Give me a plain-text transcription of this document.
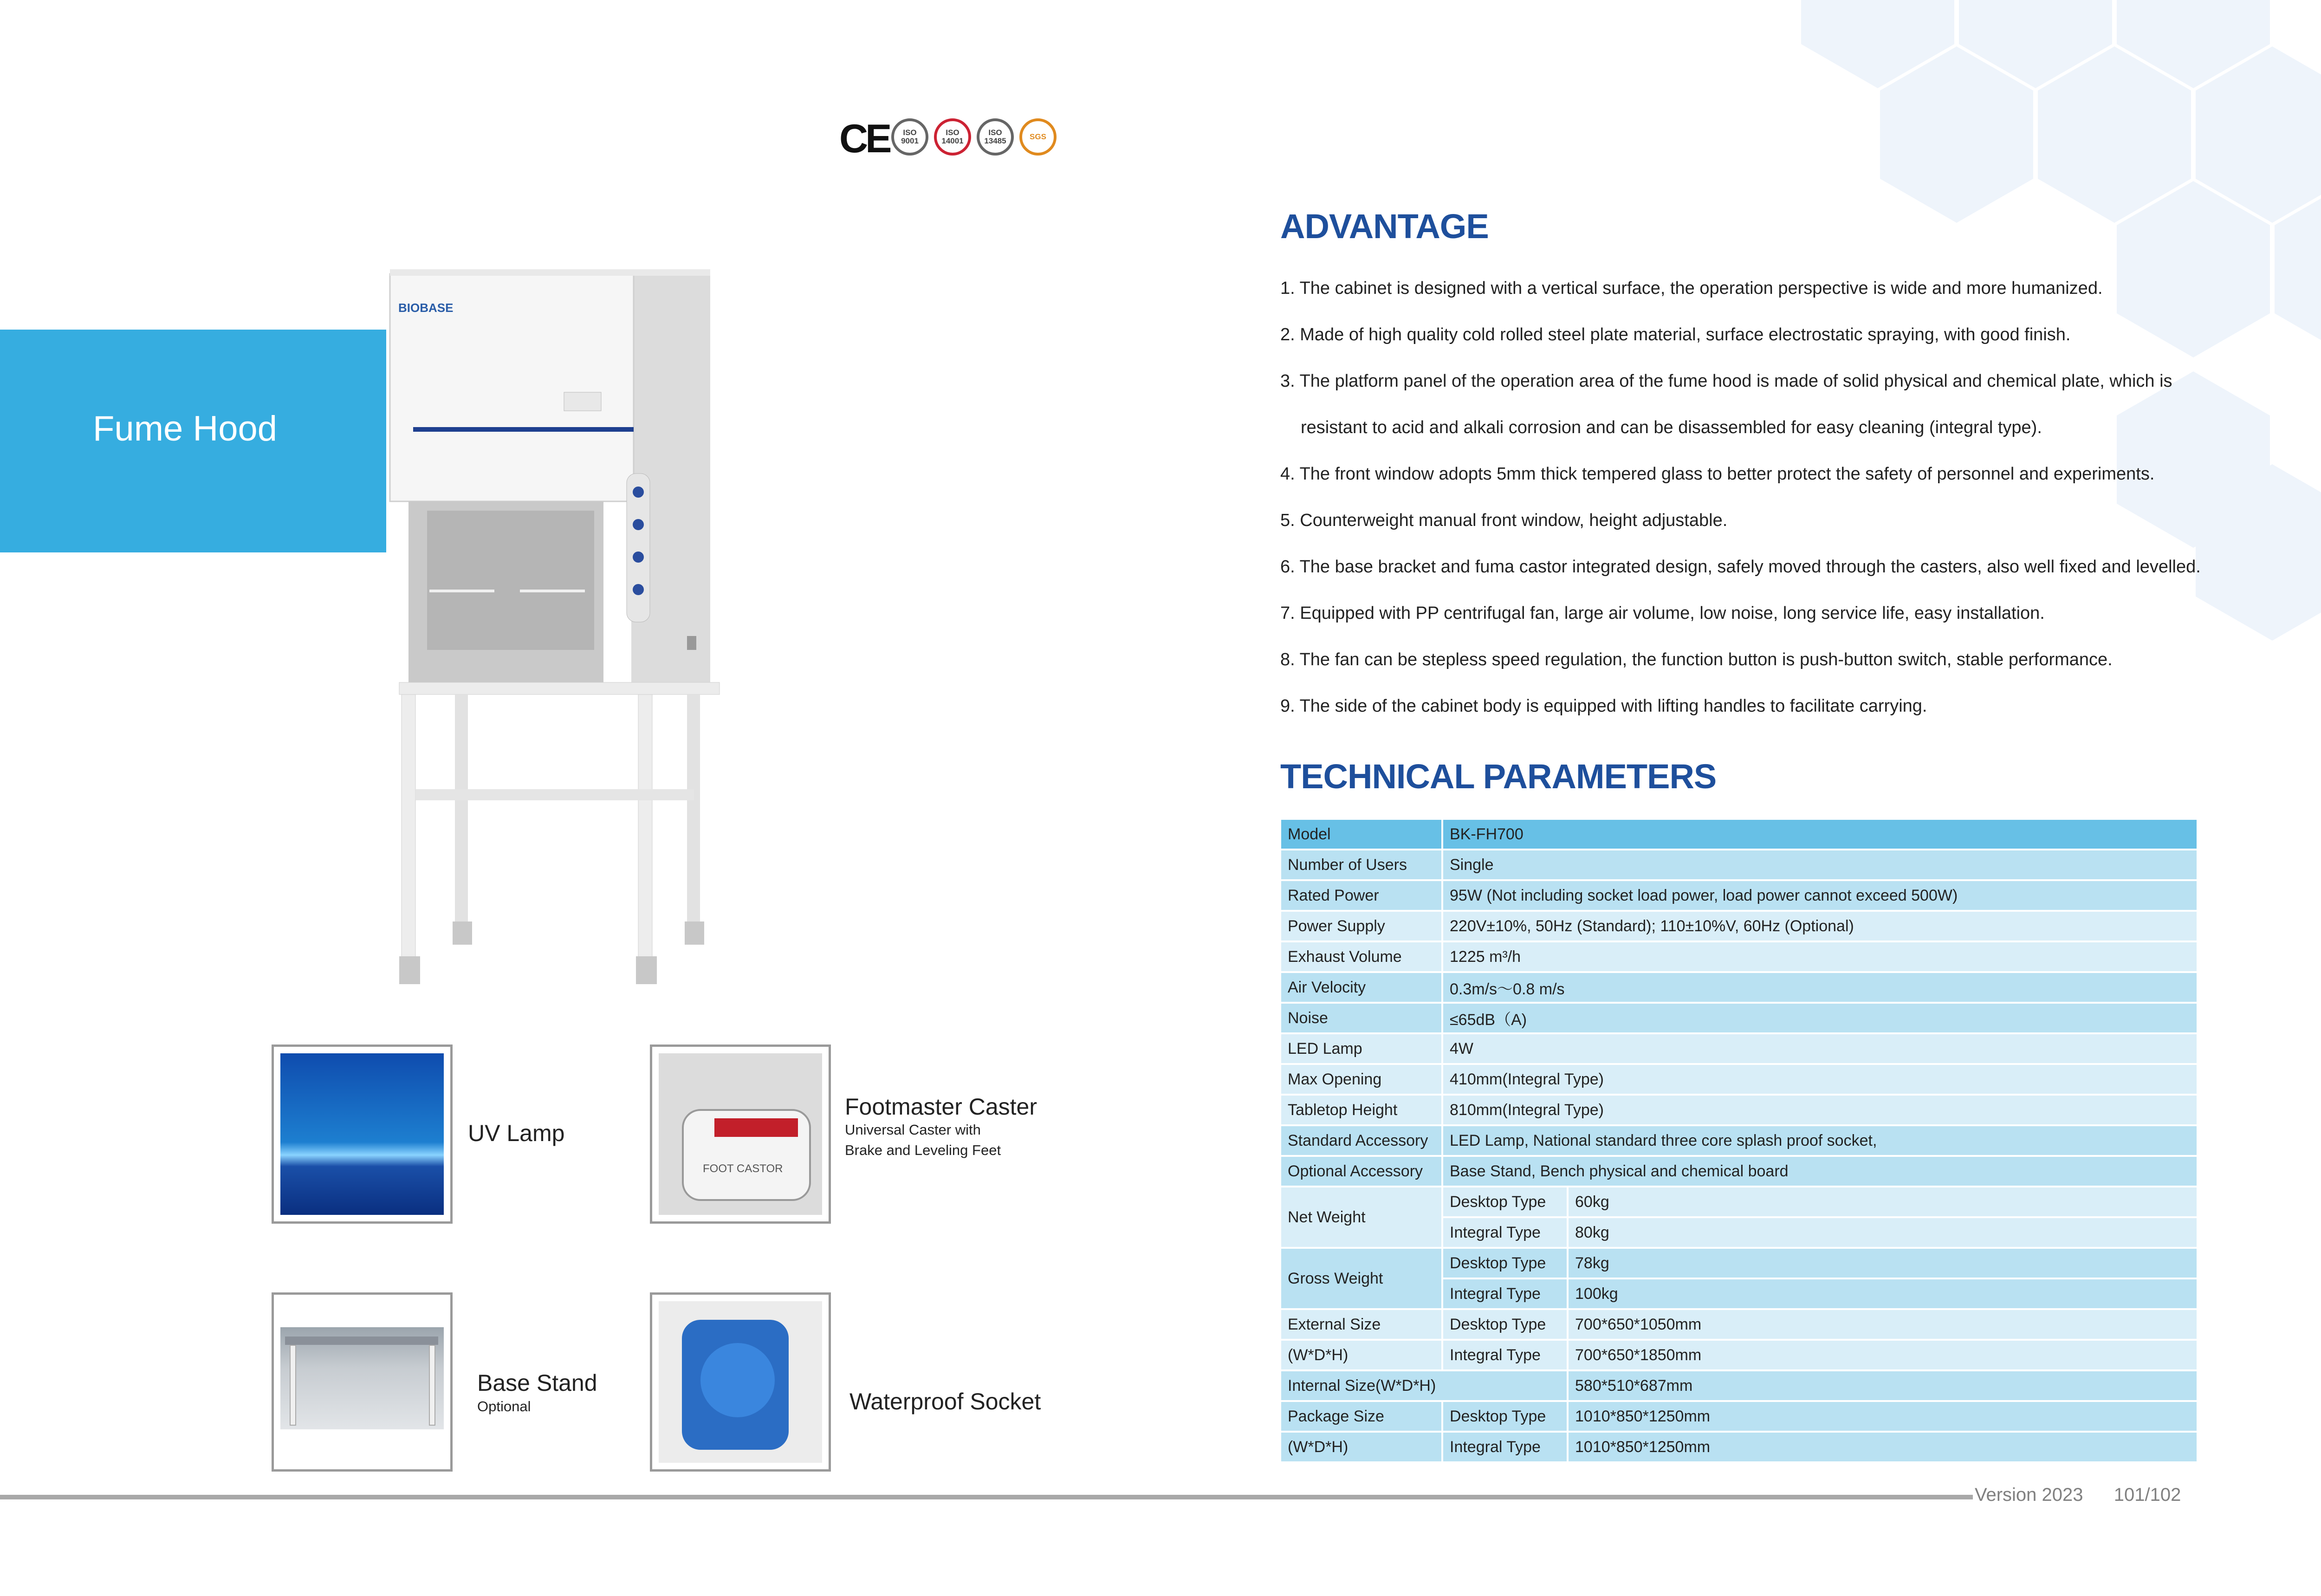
CE	ISO 9001
ISO 14001
ISO 13485	SGS
Fume Hood
BIOBASE
UV Lamp
FOOT CASTOR
Footmaster Caster
Universal Caster with
Brake and Leveling Feet
Base Stand
Optional	Waterproof Socket
ADVANTAGE
1. The cabinet is designed with a vertical surface, the operation perspective is wide and more humanized.
2. Made of high quality cold rolled steel plate material, surface electrostatic spraying, with good finish.
3. The platform panel of the operation area of the fume hood is made of solid physical and chemical plate, which is
resistant to acid and alkali corrosion and can be disassembled for easy cleaning (integral type).
4. The front window adopts 5mm thick tempered glass to better protect the safety of personnel and experiments.
5. Counterweight manual front window, height adjustable.
6. The base bracket and fuma castor integrated design, safely moved through the casters, also well fixed and levelled.
7. Equipped with PP centrifugal fan, large air volume, low noise, long service life, easy installation.
8. The fan can be stepless speed regulation, the function button is push-button switch, stable performance.
9. The side of the cabinet body is equipped with lifting handles to facilitate carrying.
TECHNICAL PARAMETERS
Model	BK-FH700	
Number of Users	Single	
Rated Power	95W (Not including socket load power, load power cannot exceed 500W)	
Power Supply	220V±10%, 50Hz (Standard); 110±10%V, 60Hz (Optional)	
Exhaust Volume	1225 m³/h	
Air Velocity	0.3m/s～0.8 m/s	
Noise	≤65dB（A)	
LED Lamp	4W	
Max Opening	410mm(Integral Type)	
Tabletop Height	810mm(Integral Type)	
Standard Accessory	LED Lamp, National standard three core splash proof socket,	
Optional Accessory	Base Stand, Bench physical and chemical board	
Net Weight	Desktop Type	60kg
	Integral Type	80kg
Gross Weight	Desktop Type	78kg
	Integral Type	100kg
External Size	Desktop Type	700*650*1050mm
(W*D*H)	Integral Type	700*650*1850mm
Internal Size(W*D*H)		580*510*687mm
Package Size	Desktop Type	1010*850*1250mm
(W*D*H)	Integral Type	1010*850*1250mm
Version 2023 101/102
